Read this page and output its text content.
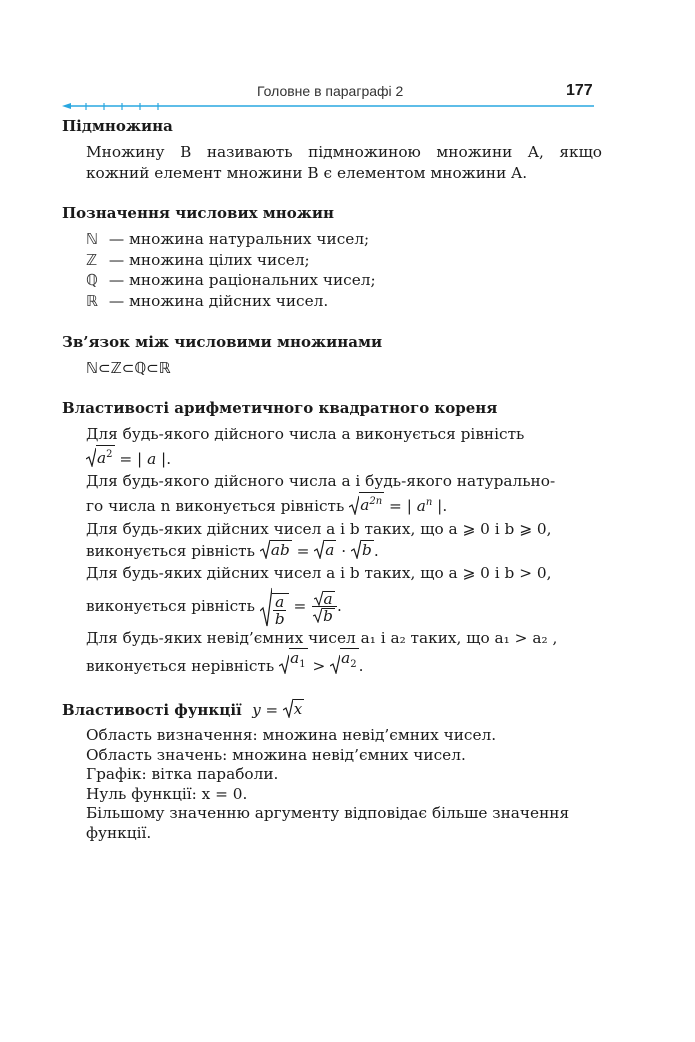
Головне в параграфі 2	177
Підмножина

Множину B називають підмножиною множини A, якщо кожний елемент множини B є елементом множини A.

Позначення числових множин
ℕ — множина натуральних чисел;
ℤ — множина цілих чисел;
ℚ — множина раціональних чисел;
ℝ — множина дійсних чисел.
Зв’язок між числовими множинами
ℕ⊂ℤ⊂ℚ⊂ℝ
Властивості арифметичного квадратного кореня
Для будь-якого дійсного числа a виконується рівність
$a^2$ = | a |.
Для будь-якого дійсного числа a і будь-якого натурально-
го числа n виконується рівність $a^{2n}$ = | $a^n$ |.
Для будь-яких дійсних чисел a і b таких, що a ⩾ 0 і b ⩾ 0,
виконується рівність ab = a · b .
Для будь-яких дійсних чисел a і b таких, що a ⩾ 0 і b > 0,
виконується рівність $\frac{a}{b} = \frac{a}{b}$ .
Для будь-яких невід’ємних чисел a₁ і a₂ таких, що a₁ > a₂ ,
виконується нерівність $a_1 > a_2$ .
Властивості функції y = x
Область визначення: множина невід’ємних чисел.
Область значень: множина невід’ємних чисел.
Графік: вітка параболи.
Нуль функції: x = 0.
Більшому значенню аргументу відповідає більше значення
функції.
